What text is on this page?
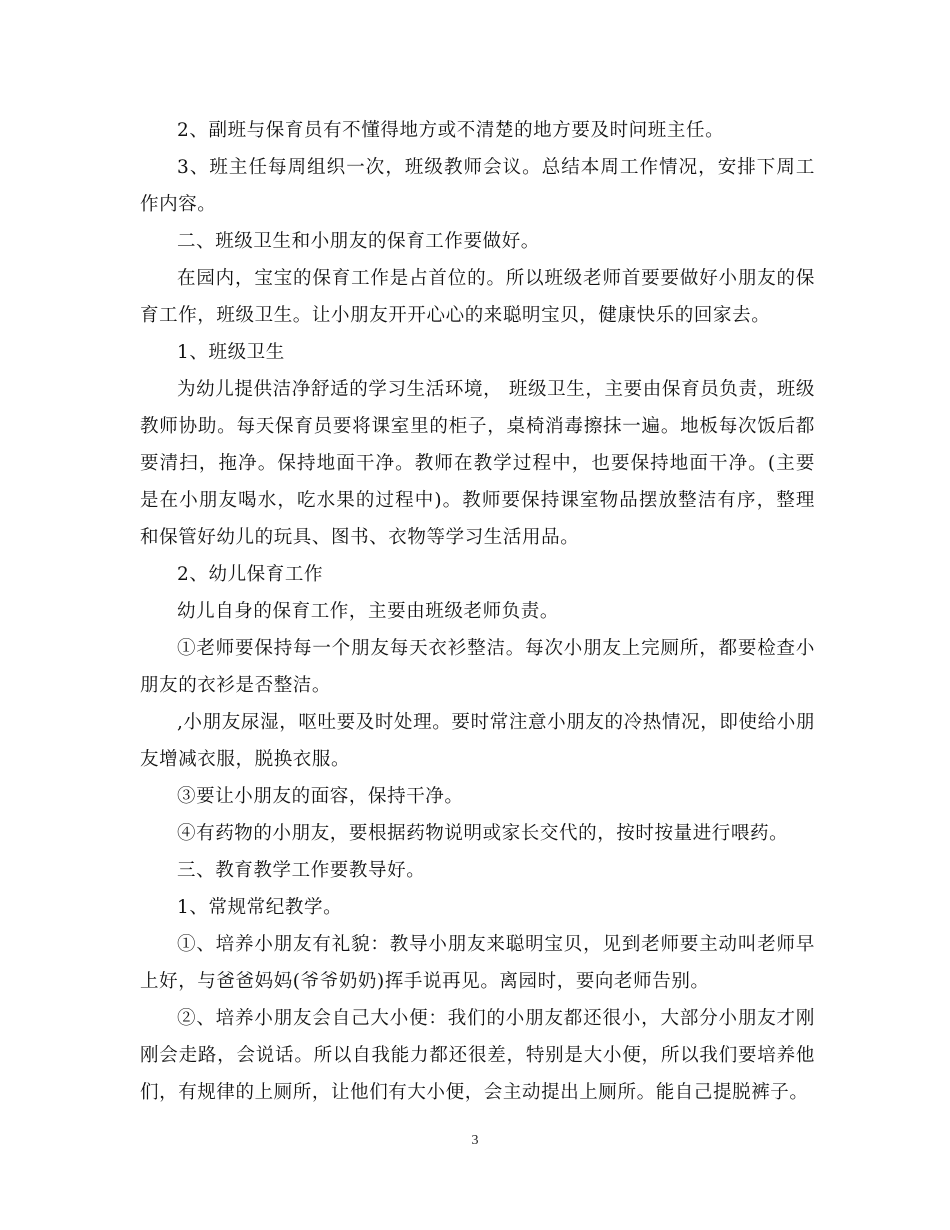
2、副班与保育员有不懂得地方或不清楚的地方要及时问班主任。

3、班主任每周组织一次，班级教师会议。总结本周工作情况，安排下周工作内容。

二、班级卫生和小朋友的保育工作要做好。

在园内，宝宝的保育工作是占首位的。所以班级老师首要要做好小朋友的保育工作，班级卫生。让小朋友开开心心的来聪明宝贝，健康快乐的回家去。

1、班级卫生

为幼儿提供洁净舒适的学习生活环境， 班级卫生，主要由保育员负责，班级教师协助。每天保育员要将课室里的柜子，桌椅消毒擦抹一遍。地板每次饭后都要清扫，拖净。保持地面干净。教师在教学过程中，也要保持地面干净。(主要是在小朋友喝水，吃水果的过程中)。教师要保持课室物品摆放整洁有序，整理和保管好幼儿的玩具、图书、衣物等学习生活用品。

2、幼儿保育工作

幼儿自身的保育工作，主要由班级老师负责。

①老师要保持每一个朋友每天衣衫整洁。每次小朋友上完厕所，都要检查小朋友的衣衫是否整洁。

,小朋友尿湿，呕吐要及时处理。要时常注意小朋友的冷热情况，即使给小朋友增减衣服，脱换衣服。

③要让小朋友的面容，保持干净。

④有药物的小朋友，要根据药物说明或家长交代的，按时按量进行喂药。

三、教育教学工作要教导好。

1、常规常纪教学。

①、培养小朋友有礼貌：教导小朋友来聪明宝贝，见到老师要主动叫老师早上好，与爸爸妈妈(爷爷奶奶)挥手说再见。离园时，要向老师告别。

②、培养小朋友会自己大小便：我们的小朋友都还很小，大部分小朋友才刚刚会走路，会说话。所以自我能力都还很差，特别是大小便，所以我们要培养他们，有规律的上厕所，让他们有大小便，会主动提出上厕所。能自己提脱裤子。

3
